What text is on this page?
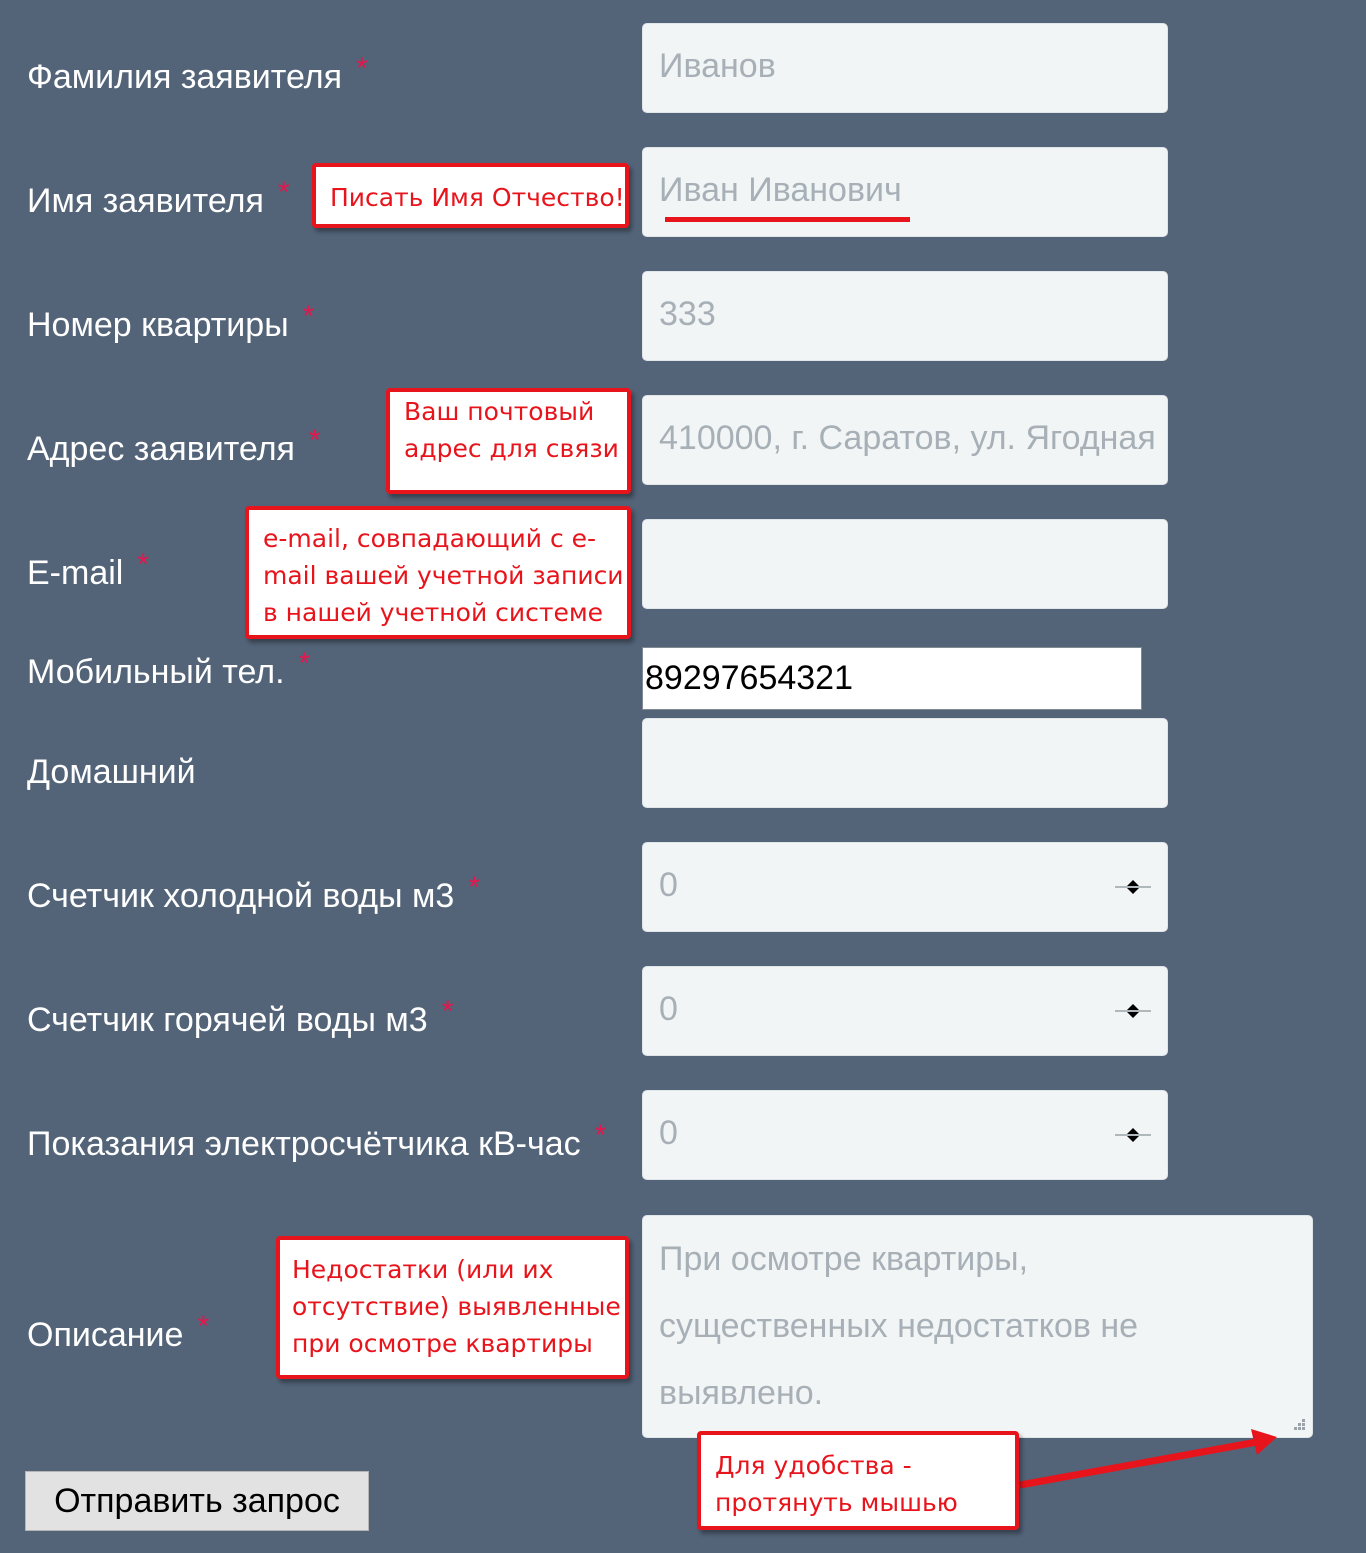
Фамилия заявителя *	Иванов
Имя заявителя *	Иван Иванович
Писать Имя Отчество!
Номер квартиры *	333
Адрес заявителя *	410000, г. Саратов, ул. Ягодная
Ваш почтовый
адрес для связи
E-mail *
e-mail, совпадающий с e-
mail вашей учетной записи
в нашей учетной системе
Мобильный тел. *	89297654321
Домашний
Счетчик холодной воды м3 *	0
Счетчик горячей воды м3 *	0
Показания электросчётчика кВ-час *	0
Описание *
При осмотре квартиры,
существенных недостатков не
выявлено.
Недостатки (или их
отсутствие) выявленные
при осмотре квартиры
Для удобства -
протянуть мышью
Отправить запрос
